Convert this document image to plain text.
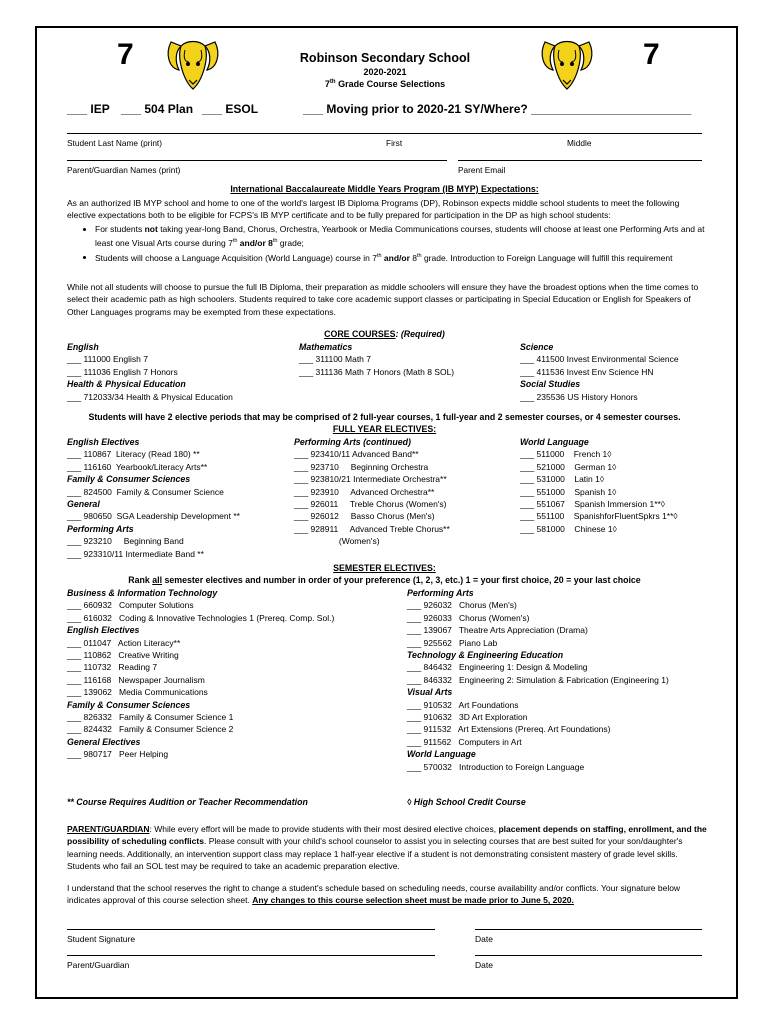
7	7
Robinson Secondary School
2020-2021
7th Grade Course Selections
___ IEP ___ 504 Plan ___ ESOL	___ Moving prior to 2020-21 SY/Where? ________________________
Student Last Name (print)	First	Middle
Parent/Guardian Names (print)	Parent Email
International Baccalaureate Middle Years Program (IB MYP) Expectations:
As an authorized IB MYP school and home to one of the world's largest IB Diploma Programs (DP), Robinson expects middle school students to meet the following elective expectations both to be eligible for FCPS's IB MYP certificate and to be fully prepared for participation in the DP as high school students:
• For students not taking year-long Band, Chorus, Orchestra, Yearbook or Media Communications courses, students will choose at least one Performing Arts and at least one Visual Arts course during 7th and/or 8th grade;
• Students will choose a Language Acquisition (World Language) course in 7th and/or 8th grade. Introduction to Foreign Language will fulfill this requirement
While not all students will choose to pursue the full IB Diploma, their preparation as middle schoolers will ensure they have the broadest options when the time comes to select their academic path as high schoolers. Students required to take core academic support classes or participating in Special Education or English for Speakers of Other Languages programs may be exempted from these expectations.
CORE COURSES: (Required)
English
___ 111000 English 7
___ 111036 English 7 Honors
Health & Physical Education
___ 712033/34 Health & Physical Education
Mathematics
___ 311100 Math 7
___ 311136 Math 7 Honors (Math 8 SOL)
Science
___ 411500 Invest Environmental Science
___ 411536 Invest Env Science HN
Social Studies
___ 235536 US History Honors
Students will have 2 elective periods that may be comprised of 2 full-year courses, 1 full-year and 2 semester courses, or 4 semester courses.
FULL YEAR ELECTIVES:
English Electives
___ 110867  Literacy (Read 180) **
___ 116160  Yearbook/Literacy Arts**
Family & Consumer Sciences
___ 824500  Family & Consumer Science
General
___ 980650  SGA Leadership Development **
Performing Arts
___ 923210     Beginning Band
___ 923310/11 Intermediate Band **
Performing Arts (continued)
___ 923410/11 Advanced Band**
___ 923710     Beginning Orchestra
___ 923810/21 Intermediate Orchestra**
___ 923910     Advanced Orchestra**
___ 926011     Treble Chorus (Women's)
___ 926012     Basso Chorus (Men's)
___ 928911     Advanced Treble Chorus**
(Women's)
World Language
___ 511000    French 1◊
___ 521000    German 1◊
___ 531000    Latin 1◊
___ 551000    Spanish 1◊
___ 551067    Spanish Immersion 1**◊
___ 551100    SpanishforFluentSpkrs 1**◊
___ 581000    Chinese 1◊
SEMESTER ELECTIVES:
Rank all semester electives and number in order of your preference (1, 2, 3, etc.) 1 = your first choice, 20 = your last choice
Business & Information Technology
___ 660932   Computer Solutions
___ 616032   Coding & Innovative Technologies 1 (Prereq. Comp. Sol.)
English Electives
___ 011047   Action Literacy**
___ 110862   Creative Writing
___ 110732   Reading 7
___ 116168   Newspaper Journalism
___ 139062   Media Communications
Family & Consumer Sciences
___ 826332   Family & Consumer Science 1
___ 824432   Family & Consumer Science 2
General Electives
___ 980717   Peer Helping
Performing Arts
___ 926032   Chorus (Men's)
___ 926033   Chorus (Women's)
___ 139067   Theatre Arts Appreciation (Drama)
___ 925562   Piano Lab
Technology & Engineering Education
___ 846432   Engineering 1: Design & Modeling
___ 846332   Engineering 2: Simulation & Fabrication (Engineering 1)
Visual Arts
___ 910532   Art Foundations
___ 910632   3D Art Exploration
___ 911532   Art Extensions (Prereq. Art Foundations)
___ 911562   Computers in Art
World Language
___ 570032   Introduction to Foreign Language
** Course Requires Audition or Teacher Recommendation	◊ High School Credit Course
PARENT/GUARDIAN: While every effort will be made to provide students with their most desired elective choices, placement depends on staffing, enrollment, and the possibility of scheduling conflicts. Please consult with your child's school counselor to assist you in selecting courses that are best suited for your son/daughter's learning needs. Additionally, an intervention support class may replace 1 half-year elective if a student is not demonstrating consistent mastery of grade level skills. Students who fail an SOL test may be required to take an academic preparation elective.
I understand that the school reserves the right to change a student's schedule based on scheduling needs, course availability and/or conflicts. Your signature below indicates approval of this course selection sheet. Any changes to this course selection sheet must be made prior to June 5, 2020.
Student Signature	Date
Parent/Guardian	Date
